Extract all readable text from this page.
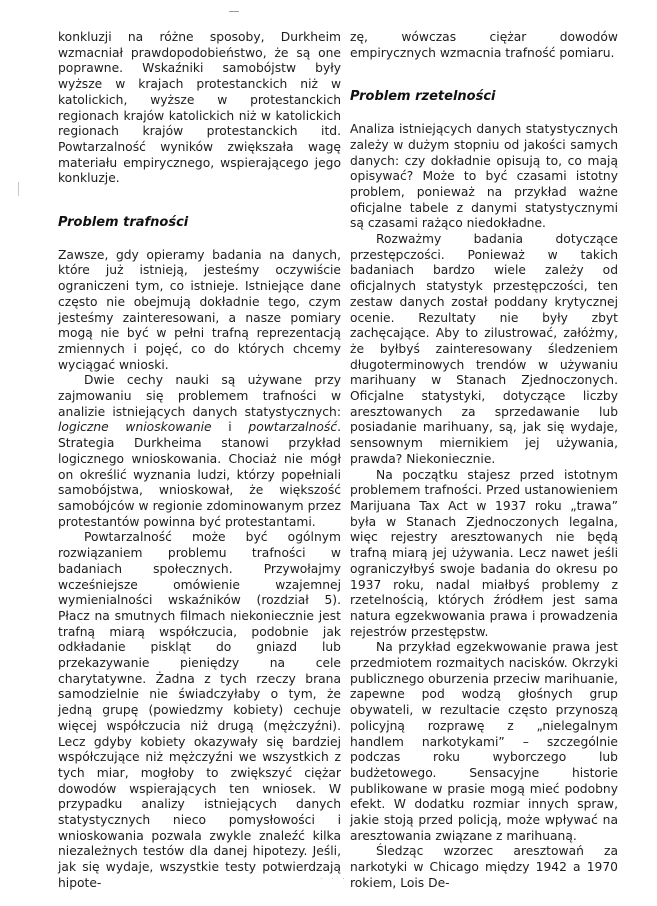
konkluzji na różne sposoby, Durkheim wzmacniał prawdopodobieństwo, że są one poprawne. Wskaźniki samobójstw były wyższe w krajach protestanckich niż w katolickich, wyższe w protestanckich regionach krajów katolickich niż w katolickich regionach krajów protestanckich itd. Powtarzalność wyników zwiększała wagę materiału empirycznego, wspierającego jego konkluzje.

Problem trafności

Zawsze, gdy opieramy badania na danych, które już istnieją, jesteśmy oczywiście ograniczeni tym, co istnieje. Istniejące dane często nie obejmują dokładnie tego, czym jesteśmy zainteresowani, a nasze pomiary mogą nie być w pełni trafną reprezentacją zmiennych i pojęć, co do których chcemy wyciągać wnioski.

Dwie cechy nauki są używane przy zajmowaniu się problemem trafności w analizie istniejących danych statystycznych: logiczne wnioskowanie i powtarzalność. Strategia Durkheima stanowi przykład logicznego wnioskowania. Chociaż nie mógł on określić wyznania ludzi, którzy popełniali samobójstwa, wnioskował, że większość samobójców w regionie zdominowanym przez protestantów powinna być protestantami.

Powtarzalność może być ogólnym rozwiązaniem problemu trafności w badaniach społecznych. Przywołajmy wcześniejsze omówienie wzajemnej wymienialności wskaźników (rozdział 5). Płacz na smutnych filmach niekoniecznie jest trafną miarą współczucia, podobnie jak odkładanie piskląt do gniazd lub przekazywanie pieniędzy na cele charytatywne. Żadna z tych rzeczy brana samodzielnie nie świadczyłaby o tym, że jedną grupę (powiedzmy kobiety) cechuje więcej współczucia niż drugą (mężczyźni). Lecz gdyby kobiety okazywały się bardziej współczujące niż mężczyźni we wszystkich z tych miar, mogłoby to zwiększyć ciężar dowodów wspierających ten wniosek. W przypadku analizy istniejących danych statystycznych nieco pomysłowości i wnioskowania pozwala zwykle znaleźć kilka niezależnych testów dla danej hipotezy. Jeśli, jak się wydaje, wszystkie testy potwierdzają hipote-

zę, wówczas ciężar dowodów empirycznych wzmacnia trafność pomiaru.

Problem rzetelności

Analiza istniejących danych statystycznych zależy w dużym stopniu od jakości samych danych: czy dokładnie opisują to, co mają opisywać? Może to być czasami istotny problem, ponieważ na przykład ważne oficjalne tabele z danymi statystycznymi są czasami rażąco niedokładne.

Rozważmy badania dotyczące przestępczości. Ponieważ w takich badaniach bardzo wiele zależy od oficjalnych statystyk przestępczości, ten zestaw danych został poddany krytycznej ocenie. Rezultaty nie były zbyt zachęcające. Aby to zilustrować, załóżmy, że byłbyś zainteresowany śledzeniem długoterminowych trendów w używaniu marihuany w Stanach Zjednoczonych. Oficjalne statystyki, dotyczące liczby aresztowanych za sprzedawanie lub posiadanie marihuany, są, jak się wydaje, sensownym miernikiem jej używania, prawda? Niekoniecznie.

Na początku stajesz przed istotnym problemem trafności. Przed ustanowieniem Marijuana Tax Act w 1937 roku „trawa” była w Stanach Zjednoczonych legalna, więc rejestry aresztowanych nie będą trafną miarą jej używania. Lecz nawet jeśli ograniczyłbyś swoje badania do okresu po 1937 roku, nadal miałbyś problemy z rzetelnością, których źródłem jest sama natura egzekwowania prawa i prowadzenia rejestrów przestępstw.

Na przykład egzekwowanie prawa jest przedmiotem rozmaitych nacisków. Okrzyki publicznego oburzenia przeciw marihuanie, zapewne pod wodzą głośnych grup obywateli, w rezultacie często przynoszą policyjną rozprawę z „nielegalnym handlem narkotykami” – szczególnie podczas roku wyborczego lub budżetowego. Sensacyjne historie publikowane w prasie mogą mieć podobny efekt. W dodatku rozmiar innych spraw, jakie stoją przed policją, może wpływać na aresztowania związane z marihuaną.

Śledząc wzorzec aresztowań za narkotyki w Chicago między 1942 a 1970 rokiem, Lois De-

. . .
